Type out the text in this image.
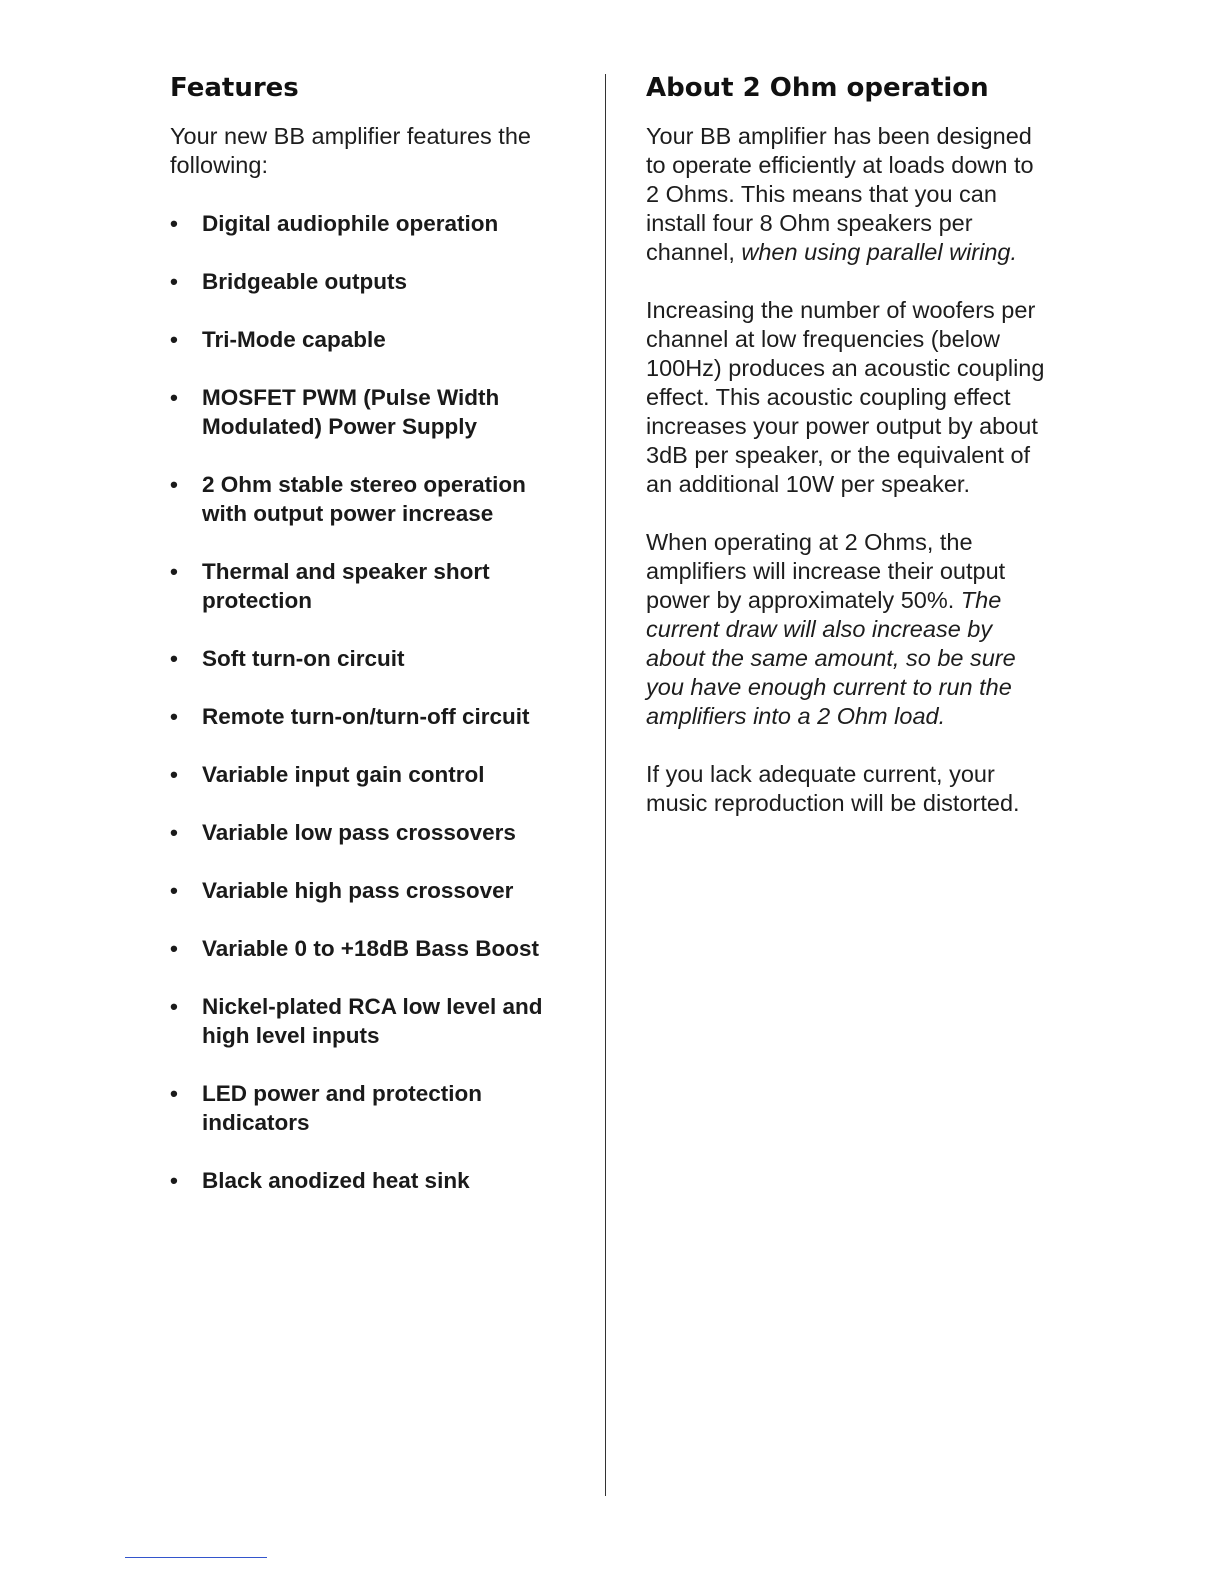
Features

Your new BB amplifier features the following:

• Digital audiophile operation
• Bridgeable outputs
• Tri-Mode capable
• MOSFET PWM (Pulse Width Modulated) Power Supply
• 2 Ohm stable stereo operation with output power increase
• Thermal and speaker short protection
• Soft turn-on circuit
• Remote turn-on/turn-off circuit
• Variable input gain control
• Variable low pass crossovers
• Variable high pass crossover
• Variable 0 to +18dB Bass Boost
• Nickel-plated RCA low level and high level inputs
• LED power and protection indicators
• Black anodized heat sink
About 2 Ohm operation

Your BB amplifier has been designed to operate efficiently at loads down to 2 Ohms. This means that you can install four 8 Ohm speakers per channel, when using parallel wiring.

Increasing the number of woofers per channel at low frequencies (below 100Hz) produces an acoustic coupling effect. This acoustic coupling effect increases your power output by about 3dB per speaker, or the equivalent of an additional 10W per speaker.

When operating at 2 Ohms, the amplifiers will increase their output power by approximately 50%. The current draw will also increase by about the same amount, so be sure you have enough current to run the amplifiers into a 2 Ohm load.

If you lack adequate current, your music reproduction will be distorted.
